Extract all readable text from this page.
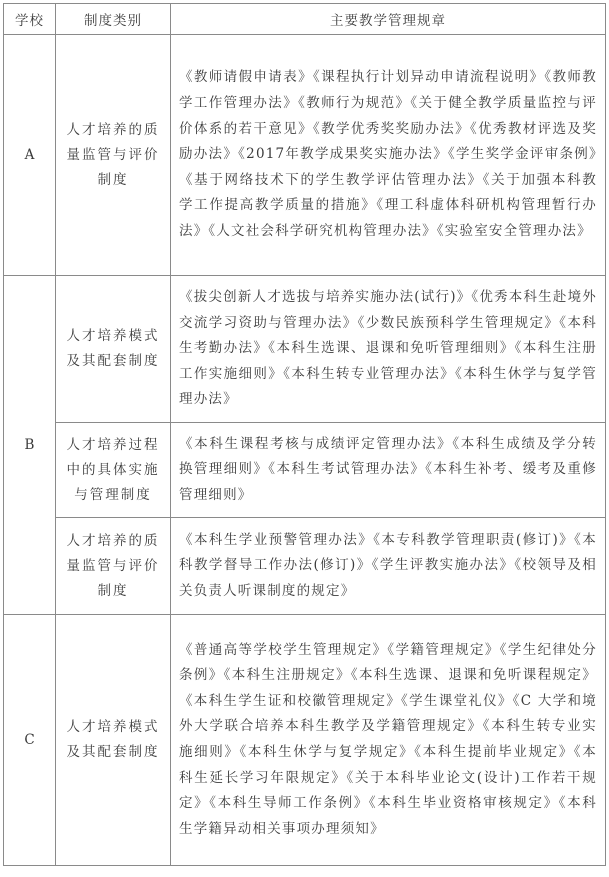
学校	制度类别	主要教学管理规章
A	人才培养的质量监管与评价制度	《教师请假申请表》《课程执行计划异动申请流程说明》《教师教学工作管理办法》《教师行为规范》《关于健全教学质量监控与评价体系的若干意见》《教学优秀奖奖励办法》《优秀教材评选及奖励办法》《2017年教学成果奖实施办法》《学生奖学金评审条例》《基于网络技术下的学生教学评估管理办法》《关于加强本科教学工作提高教学质量的措施》《理工科虚体科研机构管理暂行办法》《人文社会科学研究机构管理办法》《实验室安全管理办法》
B	人才培养模式及其配套制度	《拔尖创新人才选拔与培养实施办法(试行)》《优秀本科生赴境外交流学习资助与管理办法》《少数民族预科学生管理规定》《本科生考勤办法》《本科生选课、退课和免听管理细则》《本科生注册工作实施细则》《本科生转专业管理办法》《本科生休学与复学管理办法》
	人才培养过程中的具体实施与管理制度	《本科生课程考核与成绩评定管理办法》《本科生成绩及学分转换管理细则》《本科生考试管理办法》《本科生补考、缓考及重修管理细则》
	人才培养的质量监管与评价制度	《本科生学业预警管理办法》《本专科教学管理职责(修订)》《本科教学督导工作办法(修订)》《学生评教实施办法》《校领导及相关负责人听课制度的规定》
C	人才培养模式及其配套制度	《普通高等学校学生管理规定》《学籍管理规定》《学生纪律处分条例》《本科生注册规定》《本科生选课、退课和免听课程规定》《本科生学生证和校徽管理规定》《学生课堂礼仪》《C 大学和境外大学联合培养本科生教学及学籍管理规定》《本科生转专业实施细则》《本科生休学与复学规定》《本科生提前毕业规定》《本科生延长学习年限规定》《关于本科毕业论文(设计)工作若干规定》《本科生导师工作条例》《本科生毕业资格审核规定》《本科生学籍异动相关事项办理须知》
